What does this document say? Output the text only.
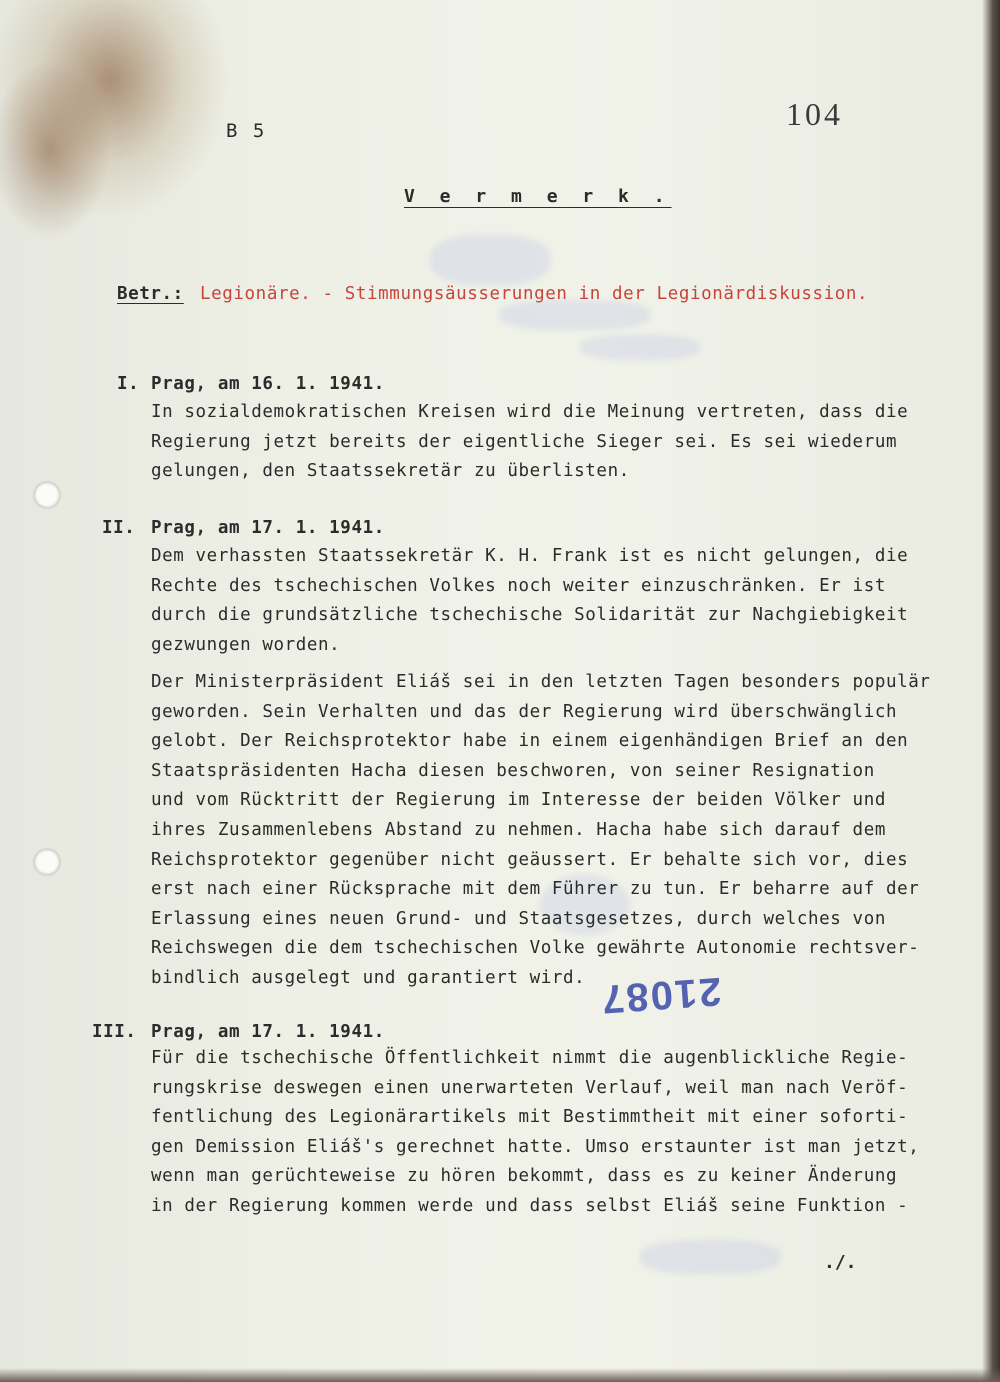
B 5	104
V e r m e r k .
Betr.: Legionäre. - Stimmungsäusserungen in der Legionärdiskussion.
I. Prag, am 16. 1. 1941.
In sozialdemokratischen Kreisen wird die Meinung vertreten, dass die
Regierung jetzt bereits der eigentliche Sieger sei. Es sei wiederum
gelungen, den Staatssekretär zu überlisten.
II. Prag, am 17. 1. 1941.
Dem verhassten Staatssekretär K. H. Frank ist es nicht gelungen, die
Rechte des tschechischen Volkes noch weiter einzuschränken. Er ist
durch die grundsätzliche tschechische Solidarität zur Nachgiebigkeit
gezwungen worden.
Der Ministerpräsident Eliáš sei in den letzten Tagen besonders populär
geworden. Sein Verhalten und das der Regierung wird überschwänglich
gelobt. Der Reichsprotektor habe in einem eigenhändigen Brief an den
Staatspräsidenten Hacha diesen beschworen, von seiner Resignation
und vom Rücktritt der Regierung im Interesse der beiden Völker und
ihres Zusammenlebens Abstand zu nehmen. Hacha habe sich darauf dem
Reichsprotektor gegenüber nicht geäussert. Er behalte sich vor, dies
erst nach einer Rücksprache mit dem Führer zu tun. Er beharre auf der
Erlassung eines neuen Grund- und Staatsgesetzes, durch welches von
Reichswegen die dem tschechischen Volke gewährte Autonomie rechtsver-
bindlich ausgelegt und garantiert wird.
III. Prag, am 17. 1. 1941.
Für die tschechische Öffentlichkeit nimmt die augenblickliche Regie-
rungskrise deswegen einen unerwarteten Verlauf, weil man nach Veröf-
fentlichung des Legionärartikels mit Bestimmtheit mit einer soforti-
gen Demission Eliáš's gerechnet hatte. Umso erstaunter ist man jetzt,
wenn man gerüchteweise zu hören bekommt, dass es zu keiner Änderung
in der Regierung kommen werde und dass selbst Eliáš seine Funktion -
21087
./.
